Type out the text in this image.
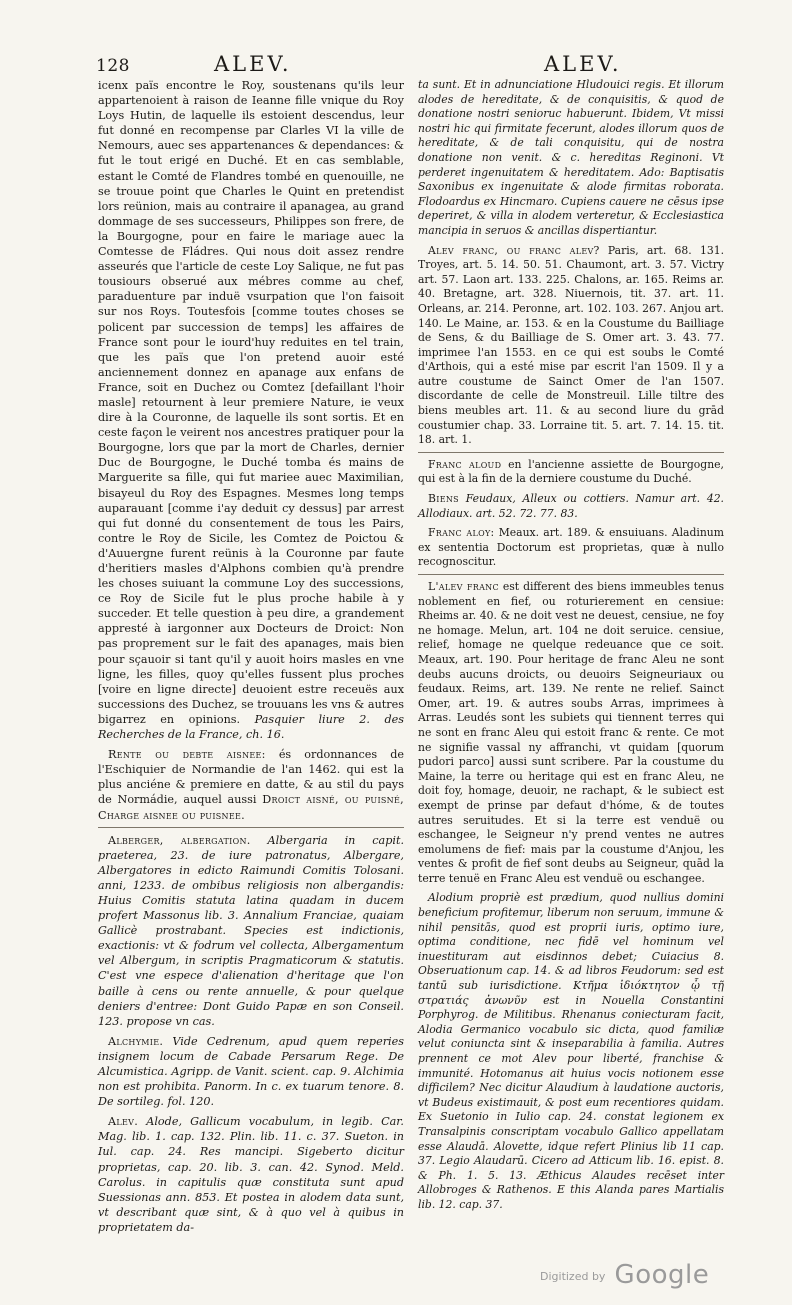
128	ALEV.	ALEV.

icenx païs encontre le Roy, soustenans qu'ils leur appartenoient à raison de Ieanne fille vnique du Roy Loys Hutin, de laquelle ils estoient descendus, leur fut donné en recompense par Clarles VI la ville de Nemours, auec ses appartenances & dependances: & fut le tout erigé en Duché. Et en cas semblable, estant le Comté de Flandres tombé en quenouille, ne se trouue point que Charles le Quint en pretendist lors reünion, mais au contraire il apanagea, au grand dommage de ses successeurs, Philippes son frere, de la Bourgogne, pour en faire le mariage auec la Comtesse de Fládres. Qui nous doit assez rendre asseurés que l'article de ceste Loy Salique, ne fut pas tousiours obserué aux mébres comme au chef, paraduenture par induë vsurpation que l'on faisoit sur nos Roys. Toutesfois [comme toutes choses se policent par succession de temps] les affaires de France sont pour le iourd'huy reduites en tel train, que les païs que l'on pretend auoir esté anciennement donnez en apanage aux enfans de France, soit en Duchez ou Comtez [defaillant l'hoir masle] retournent à leur premiere Nature, ie veux dire à la Couronne, de laquelle ils sont sortis. Et en ceste façon le veirent nos ancestres pratiquer pour la Bourgogne, lors que par la mort de Charles, dernier Duc de Bourgogne, le Duché tomba és mains de Marguerite sa fille, qui fut mariee auec Maximilian, bisayeul du Roy des Espagnes. Mesmes long temps auparauant [comme i'ay deduit cy dessus] par arrest qui fut donné du consentement de tous les Pairs, contre le Roy de Sicile, les Comtez de Poictou & d'Auuergne furent reünis à la Couronne par faute d'heritiers masles d'Alphons combien qu'à prendre les choses suiuant la commune Loy des successions, ce Roy de Sicile fut le plus proche habile à y succeder. Et telle question à peu dire, a grandement appresté à iargonner aux Docteurs de Droict: Non pas proprement sur le fait des apanages, mais bien pour sçauoir si tant qu'il y auoit hoirs masles en vne ligne, les filles, quoy qu'elles fussent plus proches [voire en ligne directe] deuoient estre receuës aux successions des Duchez, se trouuans les vns & autres bigarrez en opinions. Pasquier liure 2. des Recherches de la France, ch. 16.

Rente ou debte aisnee: és ordonnances de l'Eschiquier de Normandie de l'an 1462. qui est la plus anciéne & premiere en datte, & au stil du pays de Normádie, auquel aussi Droict aisné, ou puisné, Charge aisnee ou puisnee.

Alberger, albergation. Albergaria in capit. praeterea, 23. de iure patronatus, Albergare, Albergatores in edicto Raimundi Comitis Tolosani. anni, 1233. de ombibus religiosis non albergandis: Huius Comitis statuta latina quadam in ducem profert Massonus lib. 3. Annalium Franciae, quaiam Gallicè prostrabant. Species est indictionis, exactionis: vt & fodrum vel collecta, Albergamentum vel Albergum, in scriptis Pragmaticorum & statutis. C'est vne espece d'alienation d'heritage que l'on baille à cens ou rente annuelle, & pour quelque deniers d'entree: Dont Guido Papæ en son Conseil. 123. propose vn cas.

Alchymie. Vide Cedrenum, apud quem reperies insignem locum de Cabade Persarum Rege. De Alcumisticа. Agripp. de Vanit. scient. cap. 9. Alchimia non est prohibita. Panorm. In c. ex tuarum tenore. 8. De sortileg. fol. 120.

Alev. Alode, Gallicum vocabulum, in legib. Car. Mag. lib. 1. cap. 132. Plin. lib. 11. c. 37. Sueton. in Iul. cap. 24. Res mancipi. Sigeberto dicitur proprietas, cap. 20. lib. 3. can. 42. Synod. Meld. Carolus. in capitulis quæ constituta sunt apud Suessionas ann. 853. Et postea in alodem data sunt, vt describant quæ sint, & à quo vel à quibus in proprietatem da-

ta sunt. Et in adnunciatione Hludouici regis. Et illorum alodes de hereditate, & de conquisitis, & quod de donatione nostri seniorис habuerunt. Ibidem, Vt missi nostri hic qui firmitate fecerunt, alodes illorum quos de hereditate, & de tali conquisitu, qui de nostra donatione non venit. & c. hereditas Reginoni. Vt perderet ingenuitatem & hereditatem. Ado: Baptisatis Saxonibus ex ingenuitate & alode firmitas roborata. Flodoardus ex Hincmaro. Cupiens cauere ne cēsus ipse deperiret, & villa in alodem verteretur, & Ecclesiastica mancipia in seruos & ancillas dispertiantur.

Alev franc, ou franc alev? Paris, art. 68. 131. Troyes, art. 5. 14. 50. 51. Chaumont, art. 3. 57. Victry art. 57. Laon art. 133. 225. Chalons, ar. 165. Reims ar. 40. Bretagne, art. 328. Niuernois, tit. 37. art. 11. Orleans, ar. 214. Peronne, art. 102. 103. 267. Anjou art. 140. Le Maine, ar. 153. & en la Coustume du Bailliage de Sens, & du Bailliage de S. Omer art. 3. 43. 77. imprimee l'an 1553. en ce qui est soubs le Comté d'Arthois, qui a esté mise par escrit l'an 1509. Il y a autre coustume de Sainct Omer de l'an 1507. discordante de celle de Monstreuil. Lille tiltre des biens meubles art. 11. & au second liure du grād coustumier chap. 33. Lorraine tit. 5. art. 7. 14. 15. tit. 18. art. 1.

Franc aloud en l'ancienne assiette de Bourgogne, qui est à la fin de la derniere coustume du Duché.

Biens Feudaux, Alleux ou cottiers. Namur art. 42. Allodiaux. art. 52. 72. 77. 83.

Franc aloy: Meaux. art. 189. & ensuiuans. Aladinum ex sententia Doctorum est proprietas, quæ à nullo recognoscitur.

L'alev franc est different des biens immeubles tenus noblement en fief, ou roturierement en censiue: Rheims ar. 40. & ne doit vest ne deuest, censiue, ne foy ne homage. Melun, art. 104 ne doit seruice. censiue, relief, homage ne quelque redeuance que ce soit. Meaux, art. 190. Pour heritage de franc Aleu ne sont deubs aucuns droicts, ou deuoirs Seigneuriaux ou feudaux. Reims, art. 139. Ne rente ne relief. Sainct Omer, art. 19. & autres soubs Arras, imprimees à Arras. Leudés sont les subiets qui tiennent terres qui ne sont en franc Aleu qui estoit franc & rente. Ce mot ne signifie vassal ny affranchi, vt quidam [quorum pudori parco] aussi sunt scribere. Par la coustume du Maine, la terre ou heritage qui est en franc Aleu, ne doit foy, homage, deuoir, ne rachapt, & le subiect est exempt de prinse par defaut d'hóme, & de toutes autres seruitudes. Et si la terre est venduë ou eschangee, le Seigneur n'y prend ventes ne autres emolumens de fief: mais par la coustume d'Anjou, les ventes & profit de fief sont deubs au Seigneur, quād la terre tenuë en Franc Aleu est venduë ou eschangee.

Alodium propriè est prædium, quod nullius domini beneficium profitemur, liberum non seruum, immune & nihil pensitās, quod est proprii iuris, optimo iure, optima conditione, nec fidē vel hominum vel inuestituram aut eisdinnos debet; Cuiacius 8. Obseruationum cap. 14. & ad libros Feudorum: sed est tantū sub iurisdictione. Κτῆμα ἰδιόκτητον ᾧ τῇ στρατιάς ἀνωνῦν est in Nouella Constantini Porphyrog. de Militibus. Rhenanus coniecturam facit, Alodia Germanico vocabulo sic dicta, quod familiæ velut coniuncta sint & inseparabilia à familia. Autres prennent ce mot Alev pour liberté, franchise & immunité. Hotomanus ait huius vocis notionem esse difficilem? Nec dicitur Alaudium à laudatione auctoris, vt Budeus existimauit, & post eum recentiores quidam. Ex Suetonio in Iulio cap. 24. constat legionem ex Transalpinis conscriptam vocabulo Gallico appellatam esse Alaudā. Alovette, idque refert Plinius lib 11 cap. 37. Legio Alaudarū. Cicero ad Atticum lib. 16. epist. 8. & Ph. 1. 5. 13. Æthicus Alaudes recēset inter Allobroges & Rathenos. E this Alanda pares Martialis lib. 12. cap. 37.

Digitized by Google
